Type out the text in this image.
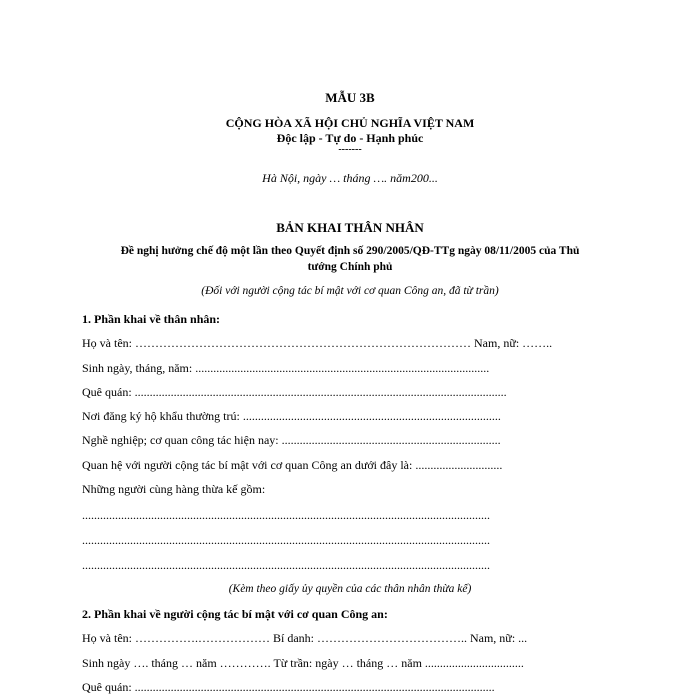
MẪU 3B
CỘNG HÒA XÃ HỘI CHỦ NGHĨA VIỆT NAM
Độc lập - Tự do - Hạnh phúc
-------
Hà Nội, ngày … tháng …. năm200...
BẢN KHAI THÂN NHÂN
Đề nghị hưởng chế độ một lần theo Quyết định số 290/2005/QĐ-TTg ngày 08/11/2005 của Thủ
tướng Chính phủ
(Đối với người cộng tác bí mật với cơ quan Công an, đã từ trần)
1. Phần khai về thân nhân:
Họ và tên: ………………………………………………………………………… Nam, nữ: ……..
Sinh ngày, tháng, năm: ..................................................................................................
Quê quán: ............................................................................................................................
Nơi đăng ký hộ khẩu thường trú: ......................................................................................
Nghề nghiệp; cơ quan công tác hiện nay: .........................................................................
Quan hệ với người cộng tác bí mật với cơ quan Công an dưới đây là: .............................
Những người cùng hàng thừa kế gồm:
........................................................................................................................................
........................................................................................................................................
........................................................................................................................................
(Kèm theo giấy ủy quyền của các thân nhân thừa kế)
2. Phần khai về người cộng tác bí mật với cơ quan Công an:
Họ và tên: …………….……………… Bí danh: ……………………………….. Nam, nữ: ...
Sinh ngày …. tháng … năm …………. Từ trần: ngày … tháng … năm .................................
Quê quán: ........................................................................................................................
